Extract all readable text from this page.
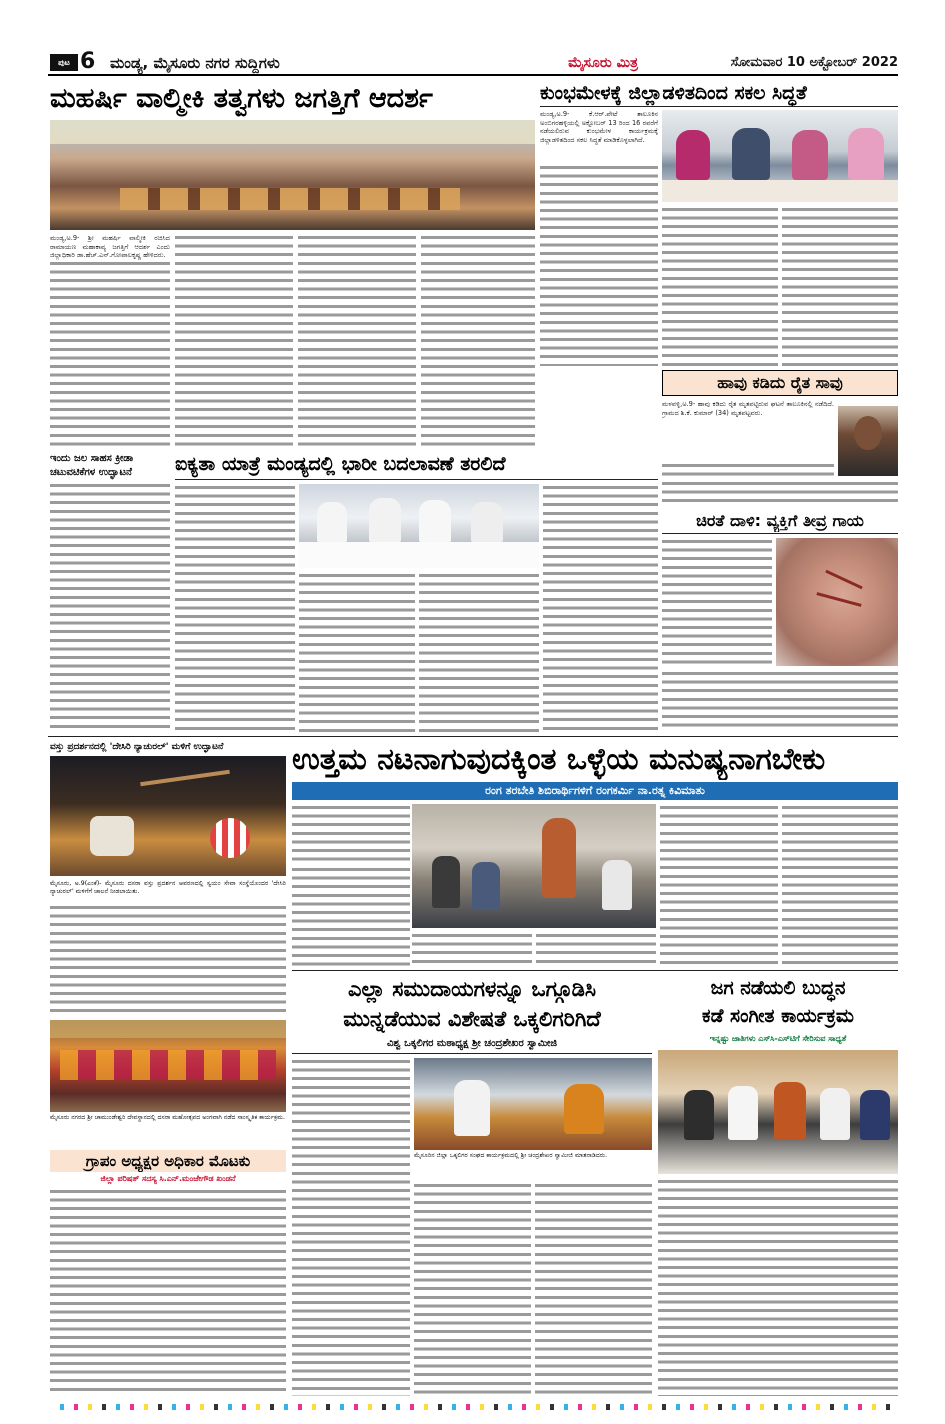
ಪುಟ 6 ಮಂಡ್ಯ, ಮೈಸೂರು ನಗರ ಸುದ್ದಿಗಳು	ಮೈಸೂರು ಮಿತ್ರ	ಸೋಮವಾರ 10 ಅಕ್ಟೋಬರ್ 2022
ಮಹರ್ಷಿ ವಾಲ್ಮೀಕಿ ತತ್ವಗಳು ಜಗತ್ತಿಗೆ ಆದರ್ಶ
ಮಂಡ್ಯ,ಅ.9- ಶ್ರೀ ಮಹರ್ಷಿ ವಾಲ್ಮೀಕಿ ರಚಿಸಿದ ರಾಮಾಯಣ ಮಹಾಕಾವ್ಯ ಜಗತ್ತಿಗೆ ಆದರ್ಶ ಎಂದು ಜಿಲ್ಲಾಧಿಕಾರಿ ಡಾ.ಹೆಚ್.ಎನ್.ಗೋಪಾಲಕೃಷ್ಣ ಹೇಳಿದರು.
ಕುಂಭಮೇಳಕ್ಕೆ ಜಿಲ್ಲಾಡಳಿತದಿಂದ ಸಕಲ ಸಿದ್ಧತೆ
ಮಂಡ್ಯ,ಅ.9- ಕೆ.ಆರ್.ಪೇಟೆ ತಾಲೂಕಿನ ಅಂಬಿಗರಹಳ್ಳಿಯಲ್ಲಿ ಅಕ್ಟೋಬರ್ 13 ರಿಂದ 16 ರವರೆಗೆ ನಡೆಯಲಿರುವ ಕುಂಭಮೇಳ ಕಾರ್ಯಕ್ರಮಕ್ಕೆ ಜಿಲ್ಲಾಡಳಿತದಿಂದ ಸಕಲ ಸಿದ್ಧತೆ ಮಾಡಿಕೊಳ್ಳಲಾಗಿದೆ.
ಹಾವು ಕಡಿದು ರೈತ ಸಾವು
ಮಳವಳ್ಳಿ,ಅ.9- ಹಾವು ಕಡಿದು ರೈತ ಮೃತಪಟ್ಟಿರುವ ಘಟನೆ ತಾಲೂಕಿನಲ್ಲಿ ನಡೆದಿದೆ. ಗ್ರಾಮದ ಶಿ.ಕೆ. ಕುಮಾರ್ (34) ಮೃತಪಟ್ಟವರು.
ಚಿರತೆ ದಾಳಿ: ವ್ಯಕ್ತಿಗೆ ತೀವ್ರ ಗಾಯ
ಇಂದು ಜಲ ಸಾಹಸ ಕ್ರೀಡಾ
ಚಟುವಟಿಕೆಗಳ ಉದ್ಘಾಟನೆ	ಐಕ್ಯತಾ ಯಾತ್ರೆ ಮಂಡ್ಯದಲ್ಲಿ ಭಾರೀ ಬದಲಾವಣೆ ತರಲಿದೆ
ವಸ್ತು ಪ್ರದರ್ಶನದಲ್ಲಿ 'ದೇಸಿರಿ ನ್ಯಾಚುರಲ್' ಮಳಿಗೆ ಉದ್ಘಾಟನೆ
ಮೈಸೂರು, ಅ.9(ಎಂಕೆ)- ಮೈಸೂರು ದಸರಾ ವಸ್ತು ಪ್ರದರ್ಶನ ಆವರಣದಲ್ಲಿ ಸ್ವಯಂ ಸೇವಾ ಸಂಸ್ಥೆಯೊಂದರ 'ದೇಸಿರಿ ನ್ಯಾಚುರಲ್' ಮಳಿಗೆಗೆ ಚಾಲನೆ ನೀಡಲಾಯಿತು.
ಮೈಸೂರು ನಗರದ ಶ್ರೀ ಚಾಮುಂಡೇಶ್ವರಿ ದೇವಸ್ಥಾನದಲ್ಲಿ ದಸರಾ ಮಹೋತ್ಸವದ ಅಂಗವಾಗಿ ನಡೆದ ಸಾಂಸ್ಕೃತಿಕ ಕಾರ್ಯಕ್ರಮ.
ಗ್ರಾಪಂ ಅಧ್ಯಕ್ಷರ ಅಧಿಕಾರ ಮೊಟಕು
ಜಿಲ್ಲಾ ಪರಿಷತ್ ಸದಸ್ಯ ಸಿ.ಎನ್.ಮಂಜೇಗೌಡ ಖಂಡನೆ
ಉತ್ತಮ ನಟನಾಗುವುದಕ್ಕಿಂತ ಒಳ್ಳೆಯ ಮನುಷ್ಯನಾಗಬೇಕು
ರಂಗ ತರಬೇತಿ ಶಿಬಿರಾರ್ಥಿಗಳಿಗೆ ರಂಗಕರ್ಮಿ ನಾ.ರತ್ನ ಕಿವಿಮಾತು
ಎಲ್ಲಾ ಸಮುದಾಯಗಳನ್ನೂ ಒಗ್ಗೂಡಿಸಿ
ಮುನ್ನಡೆಯುವ ವಿಶೇಷತೆ ಒಕ್ಕಲಿಗರಿಗಿದೆ
ವಿಶ್ವ ಒಕ್ಕಲಿಗರ ಮಠಾಧ್ಯಕ್ಷ ಶ್ರೀ ಚಂದ್ರಶೇಖರ ಸ್ವಾಮೀಜಿ
ಮೈಸೂರಿನ ಜಿಲ್ಲಾ ಒಕ್ಕಲಿಗರ ಸಂಘದ ಕಾರ್ಯಕ್ರಮದಲ್ಲಿ ಶ್ರೀ ಚಂದ್ರಶೇಖರ ಸ್ವಾಮೀಜಿ ಮಾತನಾಡಿದರು.
ಜಗ ನಡೆಯಲಿ ಬುದ್ಧನ
ಕಡೆ ಸಂಗೀತ ಕಾರ್ಯಕ್ರಮ
ಇನ್ನಷ್ಟು ಜಾತಿಗಳು ಎಸ್‌ಸಿ-ಎಸ್‌ಟಿಗೆ ಸೇರಿಸುವ ಸಾಧ್ಯತೆ
